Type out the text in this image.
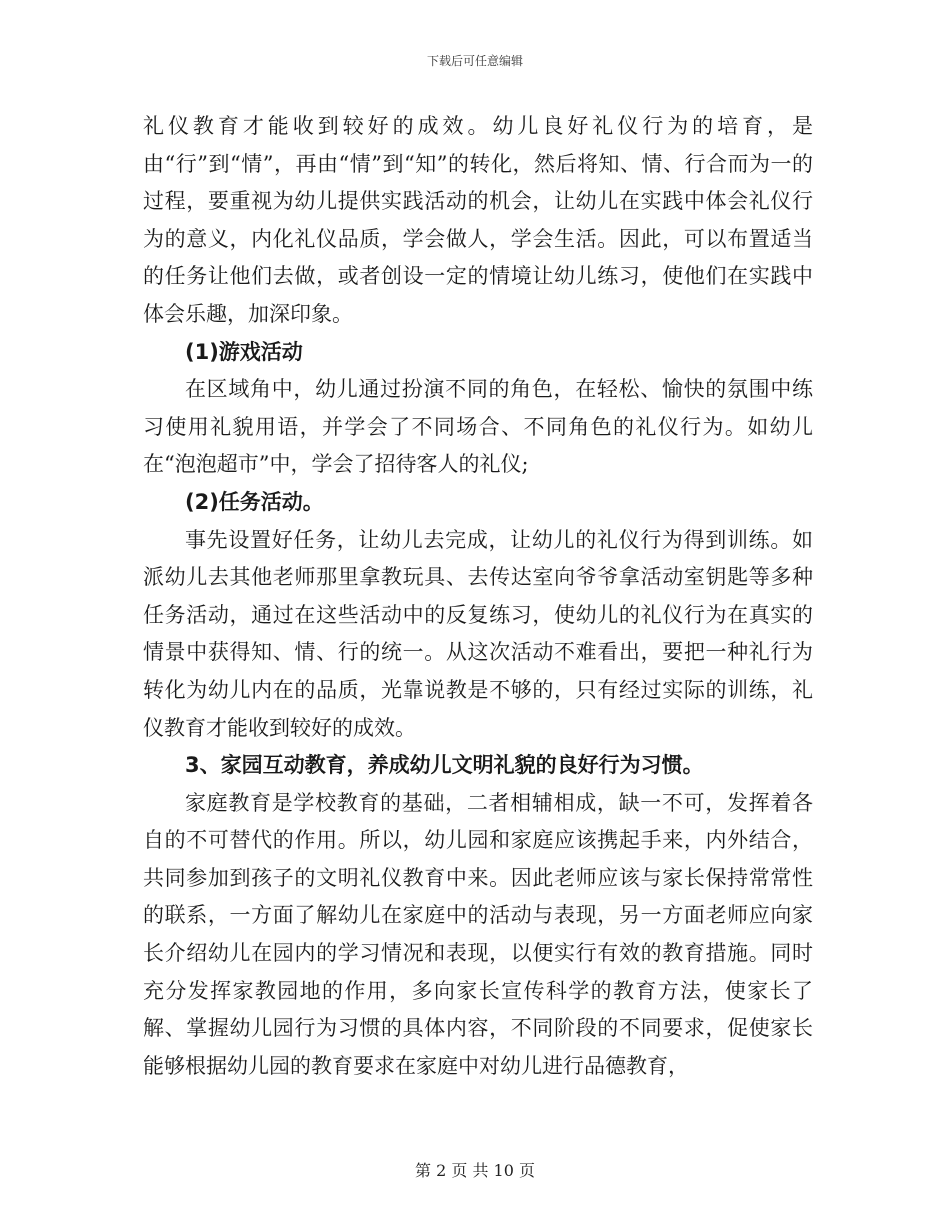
下载后可任意编辑

礼仪教育才能收到较好的成效。幼儿良好礼仪行为的培育，是由“行”到“情”，再由“情”到“知”的转化，然后将知、情、行合而为一的过程，要重视为幼儿提供实践活动的机会，让幼儿在实践中体会礼仪行为的意义，内化礼仪品质，学会做人，学会生活。因此，可以布置适当的任务让他们去做，或者创设一定的情境让幼儿练习，使他们在实践中体会乐趣，加深印象。

(1)游戏活动

在区域角中，幼儿通过扮演不同的角色，在轻松、愉快的氛围中练习使用礼貌用语，并学会了不同场合、不同角色的礼仪行为。如幼儿在“泡泡超市”中，学会了招待客人的礼仪;

(2)任务活动。

事先设置好任务，让幼儿去完成，让幼儿的礼仪行为得到训练。如派幼儿去其他老师那里拿教玩具、去传达室向爷爷拿活动室钥匙等多种任务活动，通过在这些活动中的反复练习，使幼儿的礼仪行为在真实的情景中获得知、情、行的统一。从这次活动不难看出，要把一种礼行为转化为幼儿内在的品质，光靠说教是不够的，只有经过实际的训练，礼仪教育才能收到较好的成效。

3、家园互动教育，养成幼儿文明礼貌的良好行为习惯。

家庭教育是学校教育的基础，二者相辅相成，缺一不可，发挥着各自的不可替代的作用。所以，幼儿园和家庭应该携起手来，内外结合，共同参加到孩子的文明礼仪教育中来。因此老师应该与家长保持常常性的联系，一方面了解幼儿在家庭中的活动与表现，另一方面老师应向家长介绍幼儿在园内的学习情况和表现，以便实行有效的教育措施。同时充分发挥家教园地的作用，多向家长宣传科学的教育方法，使家长了解、掌握幼儿园行为习惯的具体内容，不同阶段的不同要求，促使家长能够根据幼儿园的教育要求在家庭中对幼儿进行品德教育，

第 2 页 共 10 页
